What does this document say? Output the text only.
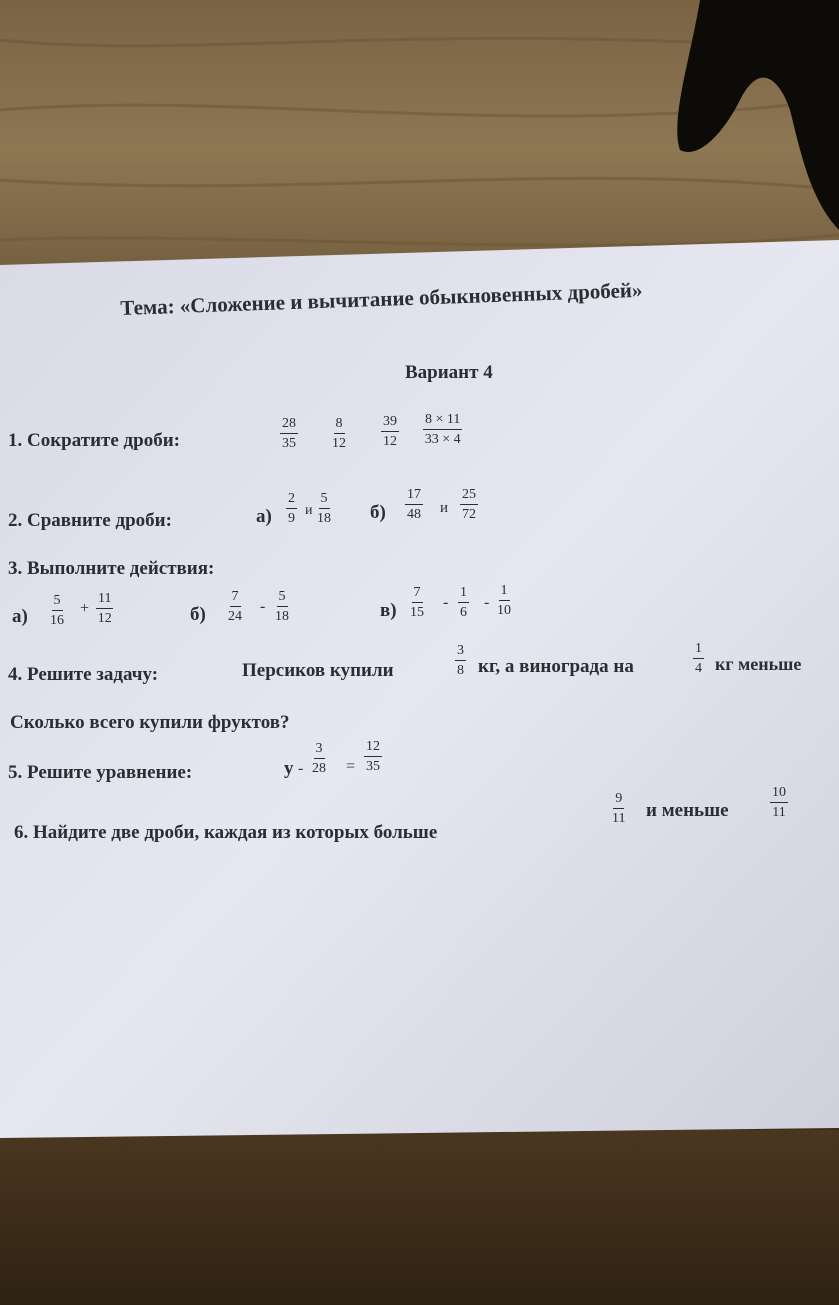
Тема: «Сложение и вычитание обыкновенных дробей»
Вариант 4
1. Сократите дроби:	$\frac{28}{35} \frac{8}{12}$	$\frac{39}{12} \frac{8 \times 11}{33 \times 4}$
2. Сравните дроби:	$а) \frac{2}{9}$ и $\frac{5}{18} б) \frac{17}{48}$ и $\frac{25}{72}$
3. Выполните действия:
$а) \frac{5}{16} + \frac{11}{12}$	$б) \frac{7}{24} - \frac{5}{18}$	$в) \frac{7}{15} - \frac{1}{6} - \frac{1}{10}$
4. Решите задачу:	Персиков купили	$\frac{3}{8}$ кг, а винограда на	$\frac{1}{4}$ кг меньше
Сколько всего купили фруктов?
5. Решите уравнение:	$y - \frac{3}{28} = \frac{12}{35}$
6. Найдите две дроби, каждая из которых больше
$\frac{9}{11}$ и меньше	$\frac{10}{11}$
